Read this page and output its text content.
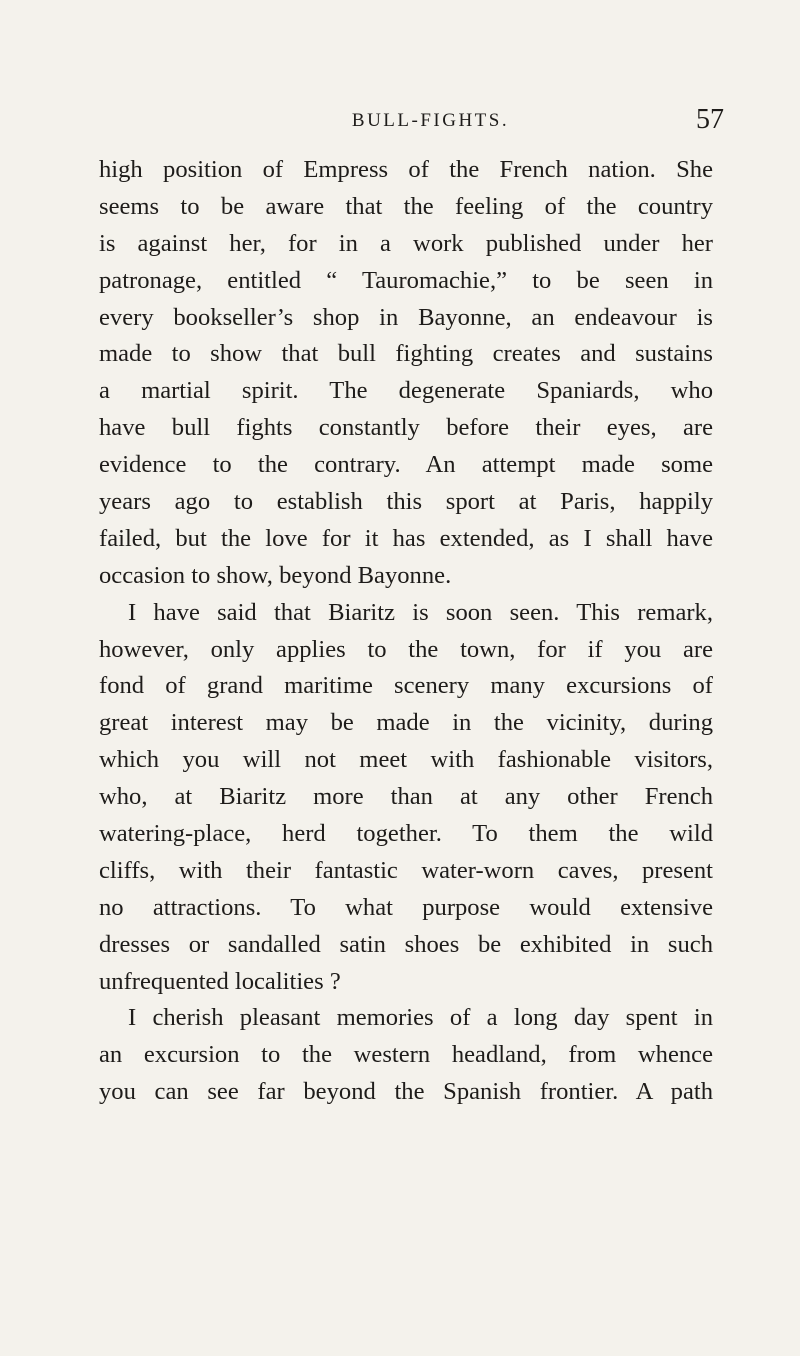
BULL-FIGHTS.	57
high position of Empress of the French nation. She
seems to be aware that the feeling of the country
is against her, for in a work published under her
patronage, entitled “ Tauromachie,” to be seen in
every bookseller’s shop in Bayonne, an endeavour is
made to show that bull fighting creates and sustains
a martial spirit. The degenerate Spaniards, who
have bull fights constantly before their eyes, are
evidence to the contrary. An attempt made some
years ago to establish this sport at Paris, happily
failed, but the love for it has extended, as I shall have
occasion to show, beyond Bayonne.
I have said that Biaritz is soon seen. This remark,
however, only applies to the town, for if you are
fond of grand maritime scenery many excursions of
great interest may be made in the vicinity, during
which you will not meet with fashionable visitors,
who, at Biaritz more than at any other French
watering-place, herd together. To them the wild
cliffs, with their fantastic water-worn caves, present
no attractions. To what purpose would extensive
dresses or sandalled satin shoes be exhibited in such
unfrequented localities ?
I cherish pleasant memories of a long day spent in
an excursion to the western headland, from whence
you can see far beyond the Spanish frontier. A path
